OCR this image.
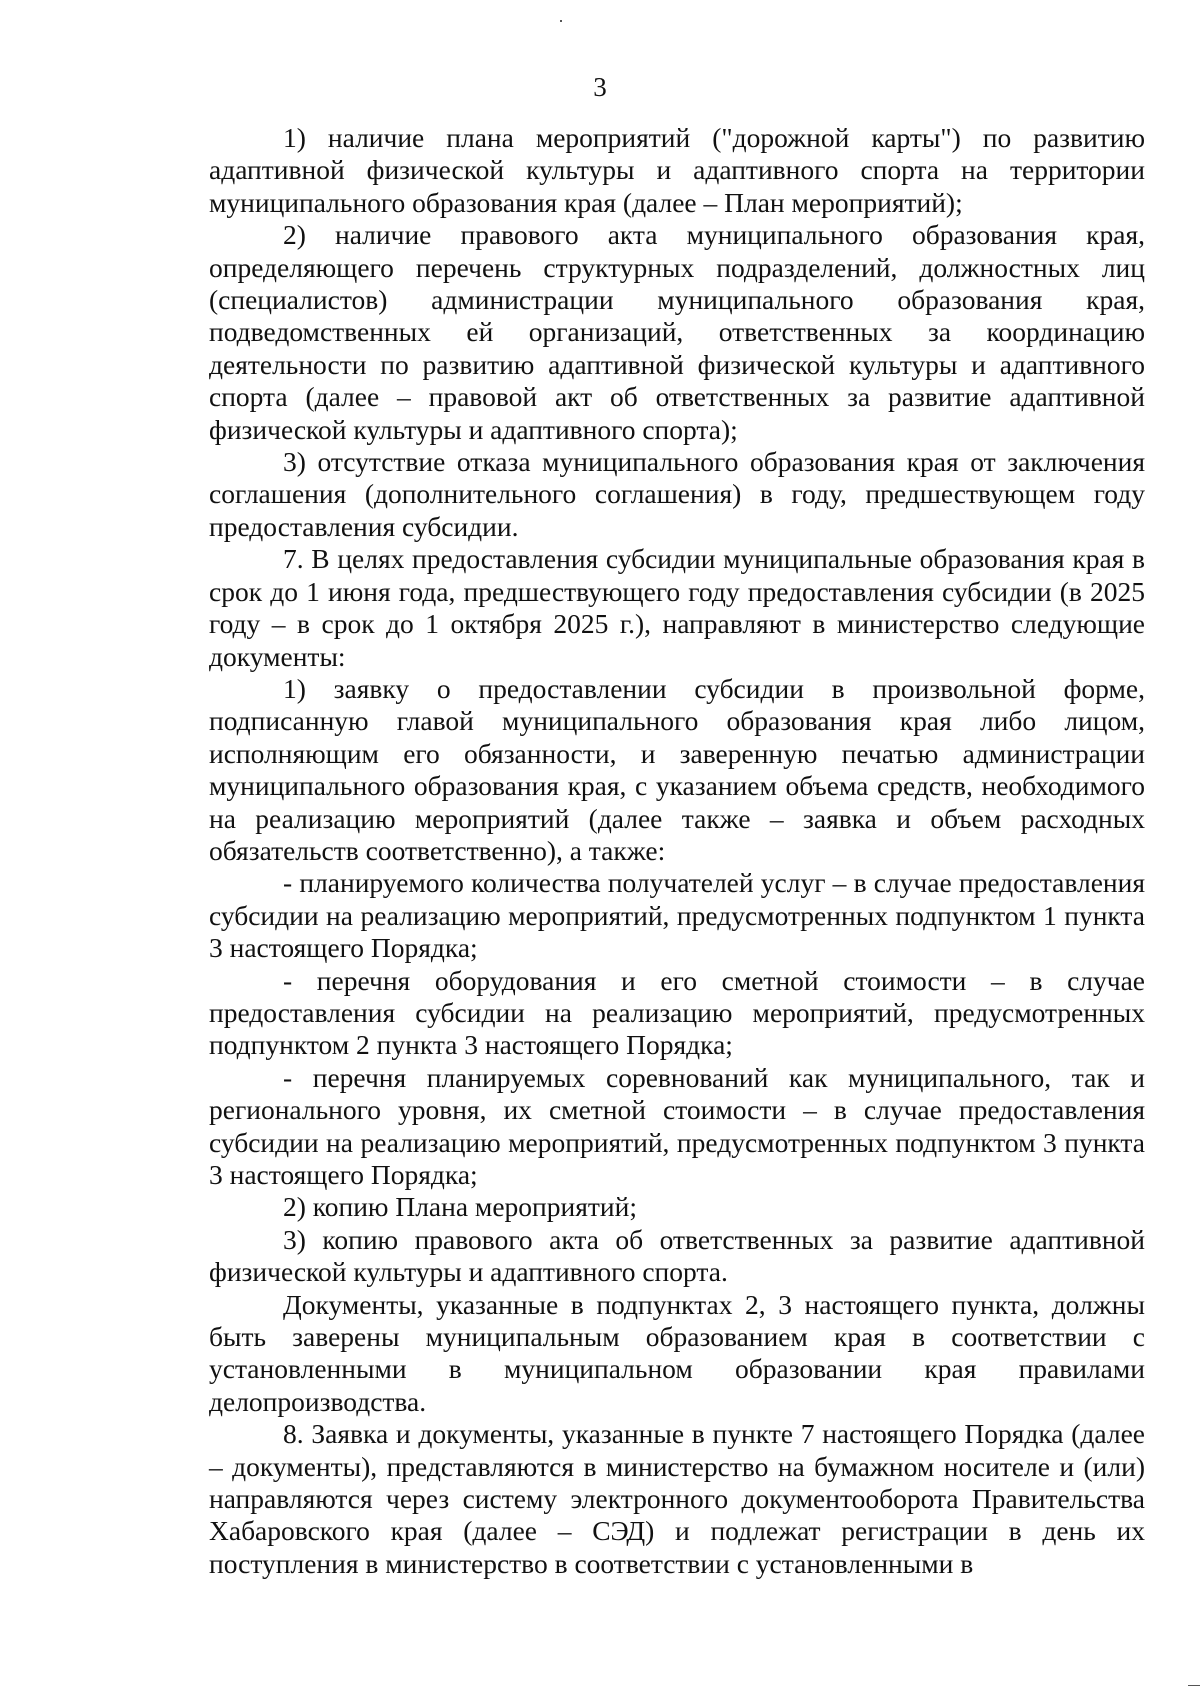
3

1) наличие плана мероприятий ("дорожной карты") по развитию адаптивной физической культуры и адаптивного спорта на территории муниципального образования края (далее – План мероприятий);

2) наличие правового акта муниципального образования края, определяющего перечень структурных подразделений, должностных лиц (специалистов) администрации муниципального образования края, подведомственных ей организаций, ответственных за координацию деятельности по развитию адаптивной физической культуры и адаптивного спорта (далее – правовой акт об ответственных за развитие адаптивной физической культуры и адаптивного спорта);

3) отсутствие отказа муниципального образования края от заключения соглашения (дополнительного соглашения) в году, предшествующем году предоставления субсидии.

7. В целях предоставления субсидии муниципальные образования края в срок до 1 июня года, предшествующего году предоставления субсидии (в 2025 году – в срок до 1 октября 2025 г.), направляют в министерство следующие документы:

1) заявку о предоставлении субсидии в произвольной форме, подписанную главой муниципального образования края либо лицом, исполняющим его обязанности, и заверенную печатью администрации муниципального образования края, с указанием объема средств, необходимого на реализацию мероприятий (далее также – заявка и объем расходных обязательств соответственно), а также:

- планируемого количества получателей услуг – в случае предоставления субсидии на реализацию мероприятий, предусмотренных подпунктом 1 пункта 3 настоящего Порядка;

- перечня оборудования и его сметной стоимости – в случае предоставления субсидии на реализацию мероприятий, предусмотренных подпунктом 2 пункта 3 настоящего Порядка;

- перечня планируемых соревнований как муниципального, так и регионального уровня, их сметной стоимости – в случае предоставления субсидии на реализацию мероприятий, предусмотренных подпунктом 3 пункта 3 настоящего Порядка;

2) копию Плана мероприятий;

3) копию правового акта об ответственных за развитие адаптивной физической культуры и адаптивного спорта.

Документы, указанные в подпунктах 2, 3 настоящего пункта, должны быть заверены муниципальным образованием края в соответствии с установленными в муниципальном образовании края правилами делопроизводства.

8. Заявка и документы, указанные в пункте 7 настоящего Порядка (далее – документы), представляются в министерство на бумажном носителе и (или) направляются через систему электронного документооборота Правительства Хабаровского края (далее – СЭД) и подлежат регистрации в день их поступления в министерство в соответствии с установленными в
